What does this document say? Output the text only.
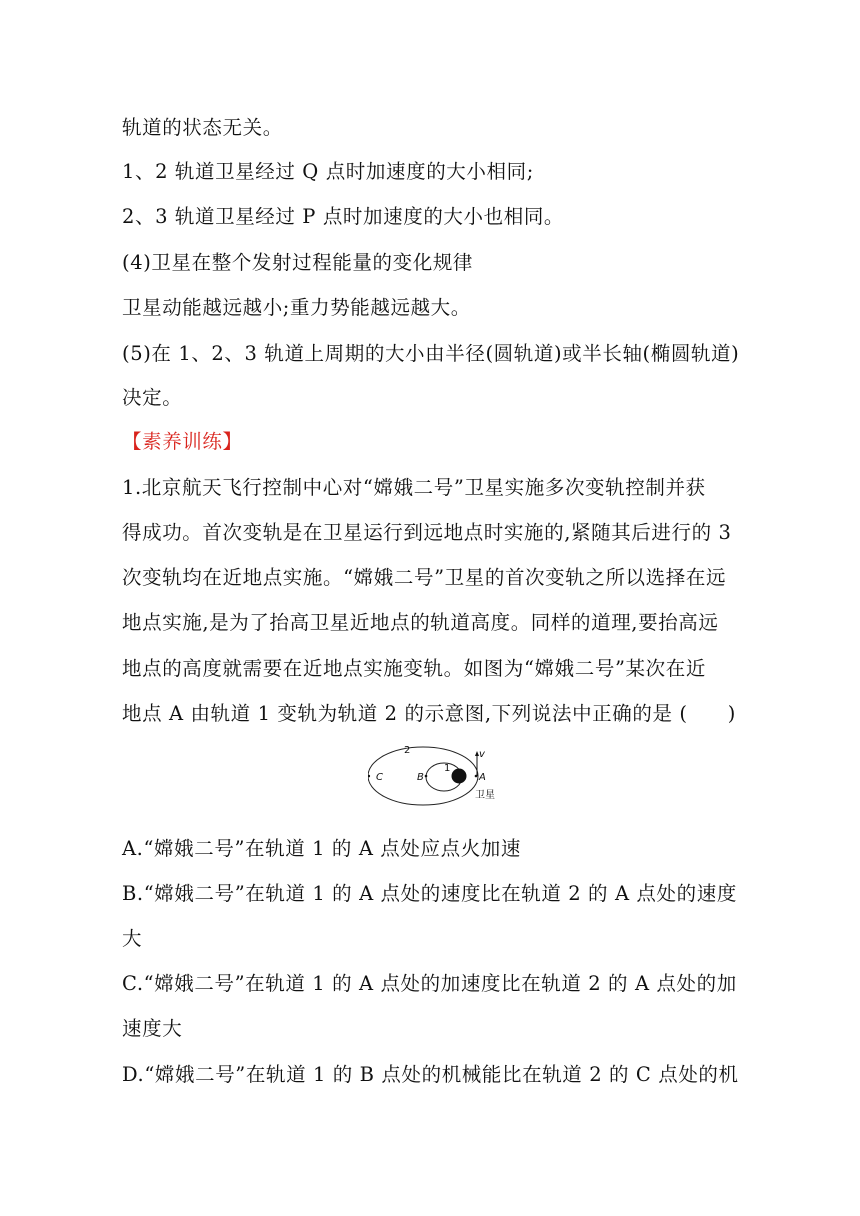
轨道的状态无关。
1、2 轨道卫星经过 Q 点时加速度的大小相同;
2、3 轨道卫星经过 P 点时加速度的大小也相同。
(4)卫星在整个发射过程能量的变化规律
卫星动能越远越小;重力势能越远越大。
(5)在 1、2、3 轨道上周期的大小由半径(圆轨道)或半长轴(椭圆轨道)
决定。
【素养训练】
1.北京航天飞行控制中心对“嫦娥二号”卫星实施多次变轨控制并获
得成功。首次变轨是在卫星运行到远地点时实施的,紧随其后进行的 3
次变轨均在近地点实施。“嫦娥二号”卫星的首次变轨之所以选择在远
地点实施,是为了抬高卫星近地点的轨道高度。同样的道理,要抬高远
地点的高度就需要在近地点实施变轨。如图为“嫦娥二号”某次在近
地点 A 由轨道 1 变轨为轨道 2 的示意图,下列说法中正确的是 (　　)
C	B	A
v
2
1
卫星
A.“嫦娥二号”在轨道 1 的 A 点处应点火加速
B.“嫦娥二号”在轨道 1 的 A 点处的速度比在轨道 2 的 A 点处的速度
大
C.“嫦娥二号”在轨道 1 的 A 点处的加速度比在轨道 2 的 A 点处的加
速度大
D.“嫦娥二号”在轨道 1 的 B 点处的机械能比在轨道 2 的 C 点处的机
